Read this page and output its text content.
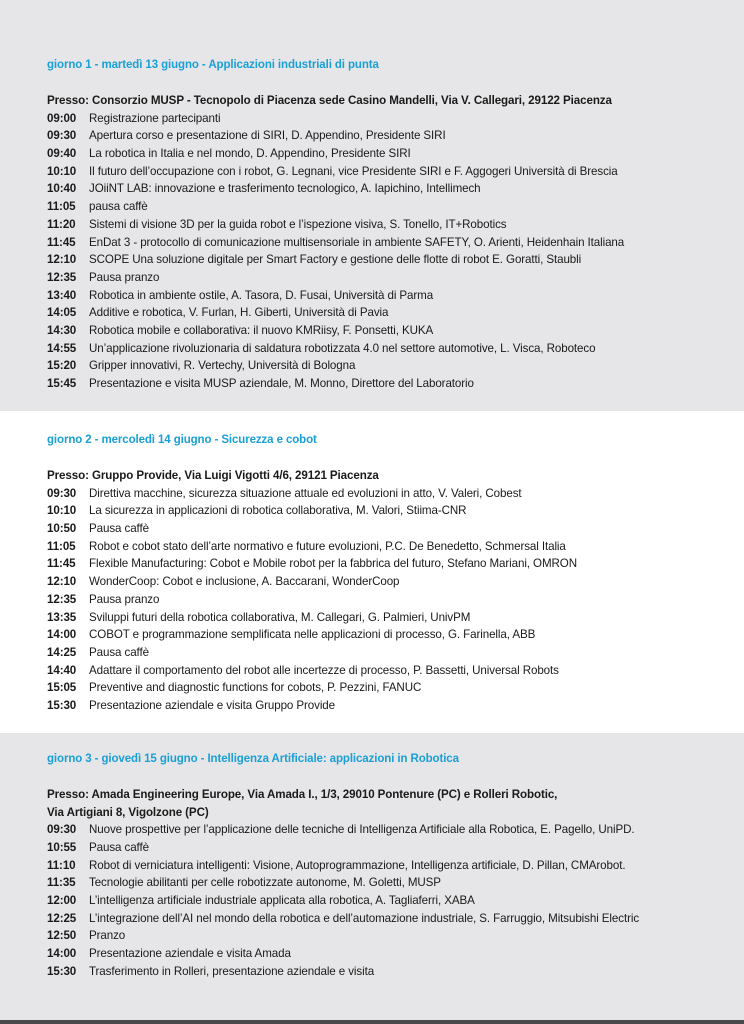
giorno 1 - martedì 13 giugno - Applicazioni industriali di punta

Presso: Consorzio MUSP - Tecnopolo di Piacenza sede Casino Mandelli, Via V. Callegari, 29122 Piacenza

09:00	Registrazione partecipanti
09:30	Apertura corso e presentazione di SIRI, D. Appendino, Presidente SIRI
09:40	La robotica in Italia e nel mondo, D. Appendino, Presidente SIRI
10:10	Il futuro dell’occupazione con i robot, G. Legnani, vice Presidente SIRI e F. Aggogeri Università di Brescia
10:40	JOiiNT LAB: innovazione e trasferimento tecnologico, A. Iapichino, Intellimech
11:05	pausa caffè
11:20	Sistemi di visione 3D per la guida robot e l’ispezione visiva, S. Tonello, IT+Robotics
11:45	EnDat 3 - protocollo di comunicazione multisensoriale in ambiente SAFETY, O. Arienti, Heidenhain Italiana
12:10	SCOPE Una soluzione digitale per Smart Factory e gestione delle flotte di robot E. Goratti, Staubli
12:35	Pausa pranzo
13:40	Robotica in ambiente ostile, A. Tasora, D. Fusai, Università di Parma
14:05	Additive e robotica, V. Furlan, H. Giberti, Università di Pavia
14:30	Robotica mobile e collaborativa: il nuovo KMRiisy, F. Ponsetti, KUKA
14:55	Un’applicazione rivoluzionaria di saldatura robotizzata 4.0 nel settore automotive, L. Visca, Roboteco
15:20	Gripper innovativi, R. Vertechy, Università di Bologna
15:45	Presentazione e visita MUSP aziendale, M. Monno, Direttore del Laboratorio
giorno 2 - mercoledì 14 giugno - Sicurezza e cobot

Presso: Gruppo Provide, Via Luigi Vigotti 4/6, 29121 Piacenza

09:30	Direttiva macchine, sicurezza situazione attuale ed evoluzioni in atto, V. Valeri, Cobest
10:10	La sicurezza in applicazioni di robotica collaborativa, M. Valori, Stiima-CNR
10:50	Pausa caffè
11:05	Robot e cobot stato dell’arte normativo e future evoluzioni, P.C. De Benedetto, Schmersal Italia
11:45	Flexible Manufacturing: Cobot e Mobile robot per la fabbrica del futuro, Stefano Mariani, OMRON
12:10	WonderCoop: Cobot e inclusione, A. Baccarani, WonderCoop
12:35	Pausa pranzo
13:35	Sviluppi futuri della robotica collaborativa, M. Callegari, G. Palmieri, UnivPM
14:00	COBOT e programmazione semplificata nelle applicazioni di processo, G. Farinella, ABB
14:25	Pausa caffè
14:40	Adattare il comportamento del robot alle incertezze di processo, P. Bassetti, Universal Robots
15:05	Preventive and diagnostic functions for cobots, P. Pezzini, FANUC
15:30	Presentazione aziendale e visita Gruppo Provide
giorno 3 - giovedì 15 giugno - Intelligenza Artificiale: applicazioni in Robotica

Presso: Amada Engineering Europe, Via Amada I., 1/3, 29010 Pontenure (PC) e Rolleri Robotic,

Via Artigiani 8, Vigolzone (PC)

09:30	Nuove prospettive per l’applicazione delle tecniche di Intelligenza Artificiale alla Robotica, E. Pagello, UniPD.
10:55	Pausa caffè
11:10	Robot di verniciatura intelligenti: Visione, Autoprogrammazione, Intelligenza artificiale, D. Pillan, CMArobot.
11:35	Tecnologie abilitanti per celle robotizzate autonome, M. Goletti, MUSP
12:00	L’intelligenza artificiale industriale applicata alla robotica, A. Tagliaferri, XABA
12:25	L’integrazione dell’AI nel mondo della robotica e dell’automazione industriale, S. Farruggio, Mitsubishi Electric
12:50	Pranzo
14:00	Presentazione aziendale e visita Amada
15:30	Trasferimento in Rolleri, presentazione aziendale e visita
